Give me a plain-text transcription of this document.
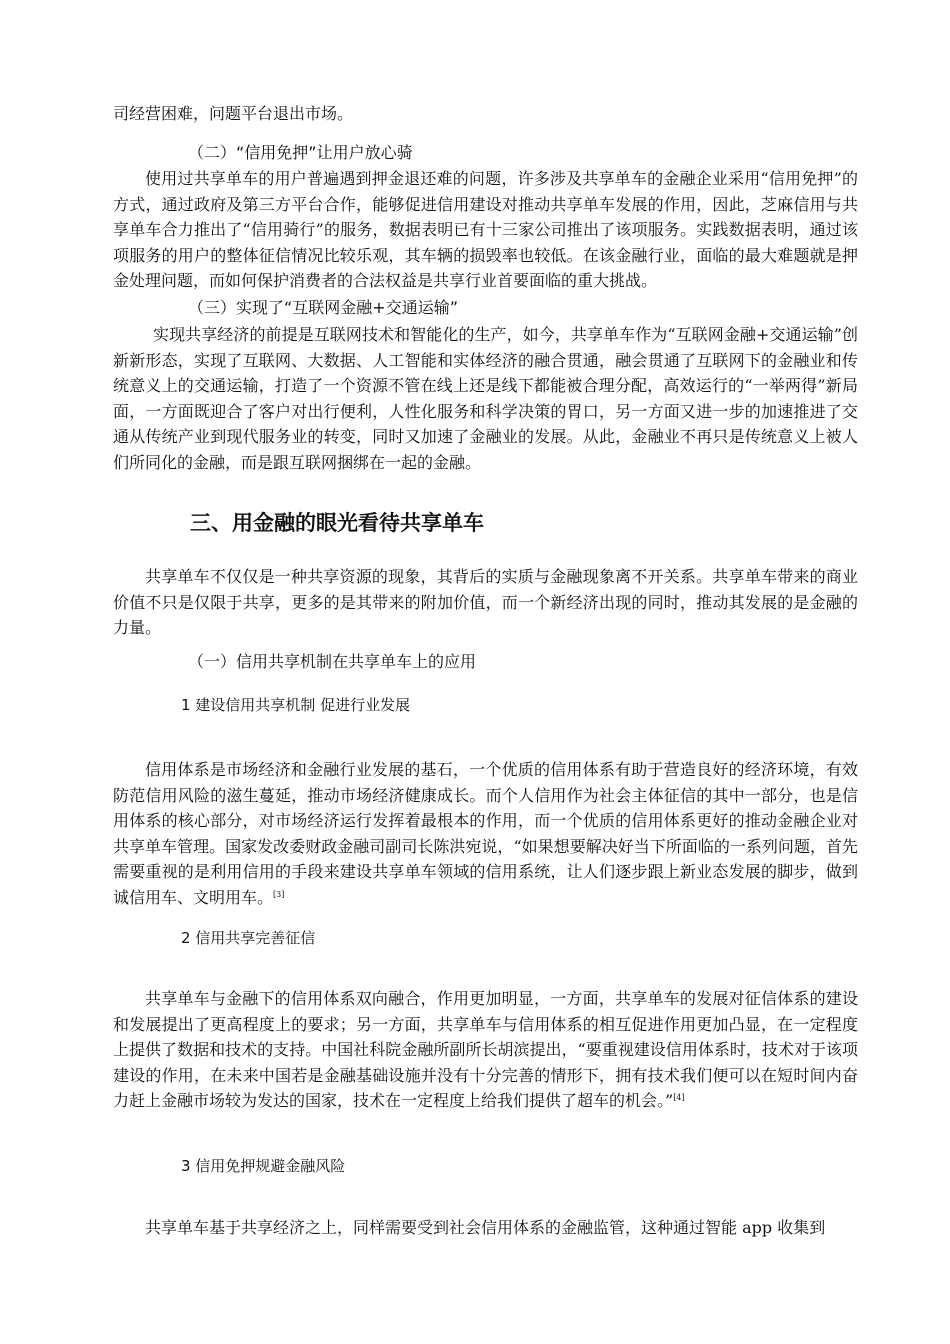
司经营困难，问题平台退出市场。

（二）“信用免押”让用户放心骑

使用过共享单车的用户普遍遇到押金退还难的问题，许多涉及共享单车的金融企业采用“信用免押”的方式，通过政府及第三方平台合作，能够促进信用建设对推动共享单车发展的作用，因此，芝麻信用与共享单车合力推出了“信用骑行”的服务，数据表明已有十三家公司推出了该项服务。实践数据表明，通过该项服务的用户的整体征信情况比较乐观，其车辆的损毁率也较低。在该金融行业，面临的最大难题就是押金处理问题，而如何保护消费者的合法权益是共享行业首要面临的重大挑战。

（三）实现了“互联网金融+交通运输”

实现共享经济的前提是互联网技术和智能化的生产，如今，共享单车作为“互联网金融+交通运输”创新新形态，实现了互联网、大数据、人工智能和实体经济的融合贯通，融会贯通了互联网下的金融业和传统意义上的交通运输，打造了一个资源不管在线上还是线下都能被合理分配，高效运行的“一举两得”新局面，一方面既迎合了客户对出行便利，人性化服务和科学决策的胃口，另一方面又进一步的加速推进了交通从传统产业到现代服务业的转变，同时又加速了金融业的发展。从此，金融业不再只是传统意义上被人们所同化的金融，而是跟互联网捆绑在一起的金融。

三、用金融的眼光看待共享单车

共享单车不仅仅是一种共享资源的现象，其背后的实质与金融现象离不开关系。共享单车带来的商业价值不只是仅限于共享，更多的是其带来的附加价值，而一个新经济出现的同时，推动其发展的是金融的力量。

（一）信用共享机制在共享单车上的应用
1 建设信用共享机制 促进行业发展

信用体系是市场经济和金融行业发展的基石，一个优质的信用体系有助于营造良好的经济环境，有效防范信用风险的滋生蔓延，推动市场经济健康成长。而个人信用作为社会主体征信的其中一部分，也是信用体系的核心部分，对市场经济运行发挥着最根本的作用，而一个优质的信用体系更好的推动金融企业对共享单车管理。国家发改委财政金融司副司长陈洪宛说，“如果想要解决好当下所面临的一系列问题，首先需要重视的是利用信用的手段来建设共享单车领域的信用系统，让人们逐步跟上新业态发展的脚步，做到诚信用车、文明用车。[3]

2 信用共享完善征信

共享单车与金融下的信用体系双向融合，作用更加明显，一方面，共享单车的发展对征信体系的建设和发展提出了更高程度上的要求；另一方面，共享单车与信用体系的相互促进作用更加凸显，在一定程度上提供了数据和技术的支持。中国社科院金融所副所长胡滨提出，“要重视建设信用体系时，技术对于该项建设的作用，在未来中国若是金融基础设施并没有十分完善的情形下，拥有技术我们便可以在短时间内奋力赶上金融市场较为发达的国家，技术在一定程度上给我们提供了超车的机会。”[4]

3 信用免押规避金融风险

共享单车基于共享经济之上，同样需要受到社会信用体系的金融监管，这种通过智能 app 收集到
